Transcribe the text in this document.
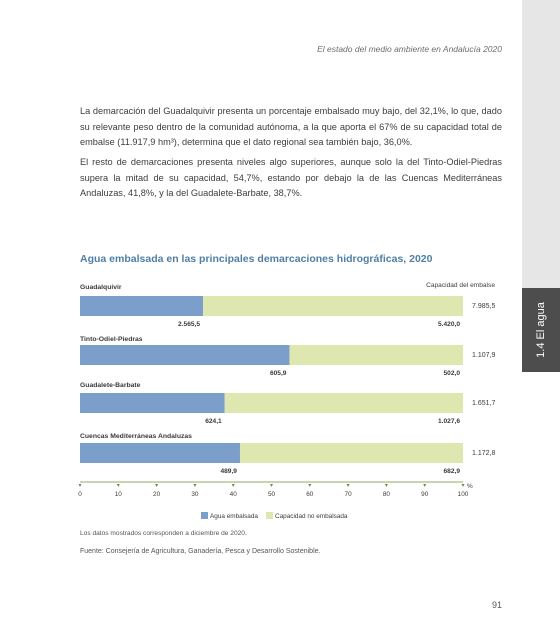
El estado del medio ambiente en Andalucía 2020
1.4 El agua

La demarcación del Guadalquivir presenta un porcentaje embalsado muy bajo, del 32,1%, lo que, dado su relevante peso dentro de la comunidad autónoma, a la que aporta el 67% de su capacidad total de embalse (11.917,9 hm³), determina que el dato regional sea también bajo, 36,0%.

El resto de demarcaciones presenta niveles algo superiores, aunque solo la del Tinto-Odiel-Piedras supera la mitad de su capacidad, 54,7%, estando por debajo la de las Cuencas Mediterráneas Andaluzas, 41,8%, y la del Guadalete-Barbate, 38,7%.

Agua embalsada en las principales demarcaciones hidrográficas, 2020
Capacidad del embalse
Guadalquivir
2.565,5	5.420,0
7.985,5
Tinto-Odiel-Piedras
605,9	502,0
1.107,9
Guadalete-Barbate
624,1	1.027,6
1.651,7
Cuencas Mediterráneas Andaluzas
489,9	682,9
1.172,8
0	10	20	30	40	50	60	70	80	90	100
%
Agua embalsada	Capacidad no embalsada
Los datos mostrados corresponden a diciembre de 2020.
Fuente: Consejería de Agricultura, Ganadería, Pesca y Desarrollo Sostenible.
91
